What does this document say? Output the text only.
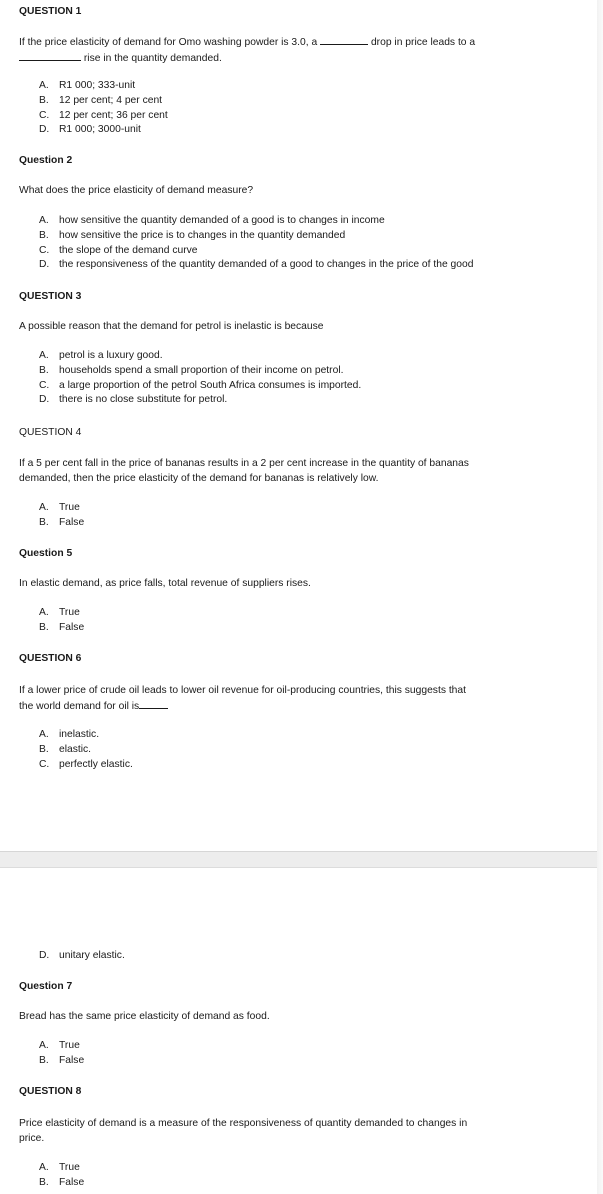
QUESTION 1
If the price elasticity of demand for Omo washing powder is 3.0, a	drop in price leads to a
rise in the quantity demanded.
A. R1 000; 333-unit
B. 12 per cent; 4 per cent
C. 12 per cent; 36 per cent
D. R1 000; 3000-unit
Question 2
What does the price elasticity of demand measure?
A. how sensitive the quantity demanded of a good is to changes in income
B. how sensitive the price is to changes in the quantity demanded
C. the slope of the demand curve
D. the responsiveness of the quantity demanded of a good to changes in the price of the good
QUESTION 3
A possible reason that the demand for petrol is inelastic is because
A. petrol is a luxury good.
B. households spend a small proportion of their income on petrol.
C. a large proportion of the petrol South Africa consumes is imported.
D. there is no close substitute for petrol.
QUESTION 4
If a 5 per cent fall in the price of bananas results in a 2 per cent increase in the quantity of bananas
demanded, then the price elasticity of the demand for bananas is relatively low.
A. True
B. False
Question 5
In elastic demand, as price falls, total revenue of suppliers rises.
A. True
B. False
QUESTION 6
If a lower price of crude oil leads to lower oil revenue for oil-producing countries, this suggests that
the world demand for oil is
A. inelastic.
B. elastic.
C. perfectly elastic.
D. unitary elastic.
Question 7
Bread has the same price elasticity of demand as food.
A. True
B. False
QUESTION 8
Price elasticity of demand is a measure of the responsiveness of quantity demanded to changes in
price.
A. True
B. False
